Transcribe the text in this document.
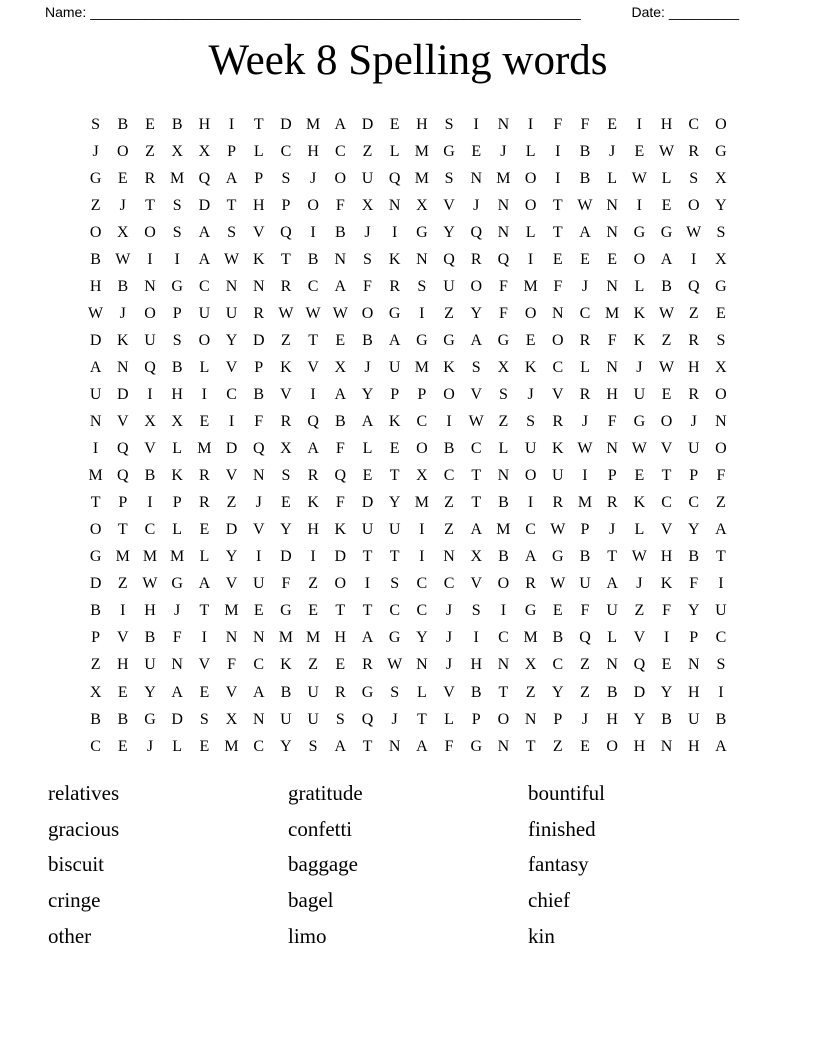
Name: _______________________________________________________________	Date: _________
Week 8 Spelling words
S	B	E	B	H	I	T	D M A D	E	H	S	I	N	I	F	F	E	I	H	C	O
J	O	Z	X X	P	L	C	H	C	Z	L M G	E	J	L	I	B	J	E W R	G
G	E	R M Q A	P	S	J	O U Q M S	N M O	I	B	L W L	S	X
Z	J	T	S	D	T	H	P	O	F	X N X V	J	N O	T W N	I	E	O Y
O X O	S	A	S	V Q	I	B	J	I	G Y Q N	L	T	A N G G W S
B W	I	I	A W K	T	B	N	S	K N Q	R	Q	I	E	E	E	O A	I	X
H	B	N G	C	N N	R	C	A	F	R	S	U O	F M F	J	N	L	B	Q G
W	J	O	P	U U	R W W W O G	I	Z	Y	F	O N	C M K W Z	E
D K U	S	O Y D	Z	T	E	B	A G G A G	E	O	R	F	K	Z	R	S
A N Q	B	L	V	P	K V X	J	U M K	S	X K	C	L	N	J	W H X
U D	I	H	I	C	B	V	I	A Y	P	P	O V	S	J	V	R	H U	E	R	O
N V X X	E	I	F	R	Q	B	A K	C	I	W Z	S	R	J	F	G O	J	N
I	Q V	L M D Q X A	F	L	E	O	B	C	L	U K W N W V U O
M Q	B	K	R	V N	S	R	Q	E	T	X	C	T	N O U	I	P	E	T	P	F
T	P	I	P	R	Z	J	E	K	F	D Y M Z	T	B	I	R M R	K	C	C	Z
O	T	C	L	E	D V Y H K U U	I	Z	A M C W P	J	L	V Y A
G M M M L	Y	I	D	I	D	T	T	I	N X	B	A G	B	T W H	B	T
D	Z W G A V U	F	Z	O	I	S	C	C	V O	R W U A	J	K	F	I
B	I	H	J	T M E	G	E	T	T	C	C	J	S	I	G	E	F	U	Z	F	Y U
P	V	B	F	I	N N M M H A G Y	J	I	C M B	Q	L	V	I	P	C
Z	H U N V	F	C	K	Z	E	R W N	J	H N X	C	Z	N Q	E	N	S
X	E	Y A	E	V A	B	U	R	G	S	L	V	B	T	Z	Y	Z	B	D Y H	I
B	B	G D	S	X N U U	S	Q	J	T	L	P	O N	P	J	H Y	B	U	B
C	E	J	L	E M C	Y	S	A	T	N A	F	G N	T	Z	E	O H N H A
relatives
gracious
biscuit
cringe
other
gratitude
confetti
baggage
bagel
limo
bountiful
finished
fantasy
chief
kin
